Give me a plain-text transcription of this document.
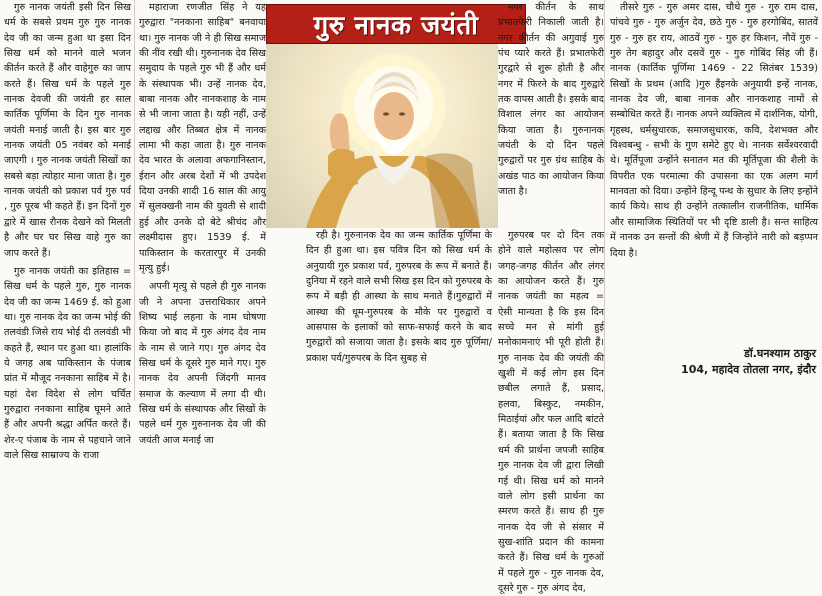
गुरु नानक जयंती इसी दिन सिख धर्म के सबसे प्रथम गुरु गुरु नानक देव जी का जन्म हुआ था इसा दिन सिख धर्म को मानने वाले भजन कीर्तन करते हैं और वाहेगुरु का जाप करते हैं। सिख धर्म के पहले गुरु नानक देवजी की जयंती हर साल कार्तिक पूर्णिमा के दिन गुरु नानक जयंती मनाई जाती है। इस बार गुरु नानक जयंती 05 नवंबर को मनाई जाएगी । गुरु नानक जयंती सिखों का सबसे बड़ा त्योहार माना जाता है। गुरु नानक जयंती को प्रकाश पर्व गुरु पर्व , गुरु पूरब भी कहते हैं। इन दिनों गुरु द्वारे में खास रौनक देखने को मिलती है और घर घर सिख वाहे गुरु का जाप करते हैं।

गुरु नानक जयंती का इतिहास = सिख धर्म के पहले गुरु, गुरु नानक देव जी का जन्म 1469 ई. को हुआ था। गुरु नानक देव का जन्म भोई की तलवंडी जिसे राय भोई दी तलवंडी भी कहते हैं, स्थान पर हुआ था। हालांकि ये जगह अब पाकिस्तान के पंजाब प्रांत में मौजूद ननकाना साहिब में है। यहां देश विदेश से लोग चर्चित गुरुद्वारा ननकाना साहिब घूमने आते हैं और अपनी श्रद्धा अर्पित करते हैं। शेर-ए पंजाब के नाम से पहचाने जाने वाले सिख साम्राज्य के राजा

महाराजा रणजीत सिंह ने यह गुरुद्वारा "ननकाना साहिब" बनवाया था। गुरु नानक जी ने ही सिख समाज की नींव रखी थी। गुरुनानक देव सिख समुदाय के पहले गुरु भी हैं और धर्म के संस्थापक भी। उन्हें नानक देव, बाबा नानक और नानकशाह के नाम से भी जाना जाता है। यही नहीं, उन्हें लद्दाख और तिब्बत क्षेत्र में नानक लामा भी कहा जाता है। गुरु नानक देव भारत के अलावा अफगानिस्तान, ईरान और अरब देशों में भी उपदेश दिया उनकी शादी 16 साल की आयु में सुलक्खनी नाम की युवती से शादी हुई और उनके दो बेटे श्रीचंद और लक्ष्मीदास हुए। 1539 ई. में पाकिस्तान के करतारपुर में उनकी मृत्यु हुई।

अपनी मृत्यु से पहले ही गुरु नानक जी ने अपना उत्तराधिकार अपने शिष्य भाई लहना के नाम घोषणा किया जो बाद में गुरु अंगद देव नाम के नाम से जाने गए। गुरु अंगद देव सिख धर्म के दूसरे गुरु माने गए। गुरु नानक देव अपनी जिंदगी मानव समाज के कल्याण में लगा दी थी। सिख धर्म के संस्थापक और सिखों के पहले धर्म गुरु गुरुनानक देव जी की जयंती आज मनाई जा

गुरु नानक जयंती

रही है। गुरुनानक देव का जन्म कार्तिक पूर्णिमा के दिन ही हुआ था। इस पवित्र दिन को सिख धर्म के अनुयायी गुरु प्रकाश पर्व, गुरुपरब के रूप में बनाते हैं। दुनिया में रहने वाले सभी सिख इस दिन को गुरुपरब के रूप में बड़ी ही आस्था के साथ मनाते हैं।गुरुद्वारों में आस्था की धूम-गुरुपरब के मौके पर गुरुद्वारों व आसपास के इलाकों को साफ-सफाई करने के बाद गुरुद्वारों को सजाया जाता है। इसके बाद गुरु पूर्णिमा/प्रकाश पर्व/गुरुपरब के दिन सुबह से

नगर कीर्तन के साथ प्रभातफेरी निकाली जाती है। नगर कीर्तन की अगुवाई गुरु पंच प्यारे करते हैं। प्रभातफेरी गुरद्वारे से शुरू होती है और नगर में फिरने के बाद गुरुद्वारे तक वापस आती है। इसके बाद विशाल लंगर का आयोजन किया जाता है। गुरुनानक जयंती के दो दिन पहले गुरुद्वारों पर गुरु ग्रंथ साहिब के अखंड पाठ का आयोजन किया जाता है।

गुरुपरब पर दो दिन तक होने वाले महोत्सव पर लोग जगह-जगह कीर्तन और लंगर का आयोजन करते हैं। गुरु नानक जयंती का महत्व = ऐसी मान्यता है कि इस दिन सच्चे मन से मांगी हुई मनोकामनाएं भी पूरी होती हैं। गुरु नानक देव की जयंती की खुशी में कई लोग इस दिन छबील लगाते हैं, प्रसाद, हलवा, बिस्कुट, नमकीन, मिठाईयां और फल आदि बांटते हैं। बताया जाता है कि सिख धर्म की प्रार्थना जपजी साहिब गुरु नानक देव जी द्वारा लिखी गई थी। सिख धर्म को मानने वाले लोग इसी प्रार्थना का स्मरण करते हैं। साथ ही गुरु नानक देव जी से संसार में सुख-शांति प्रदान की कामना करते हैं। सिख धर्म के गुरुओं में पहले गुरु - गुरु नानक देव, दूसरे गुरु - गुरु अंगद देव,

तीसरे गुरु - गुरु अमर दास, चौथे गुरु - गुरु राम दास, पांचवे गुरु - गुरु अर्जुन देव, छठे गुरु - गुरु हरगोबिंद, सातवें गुरु - गुरु हर राय, आठवें गुरु - गुरु हर किशन, नौवें गुरु - गुरु तेग बहादुर और दसवें गुरु - गुरु गोबिंद सिंह जी हैं। नानक (कार्तिक पूर्णिमा 1469 - 22 सितंबर 1539) सिखों के प्रथम (आदि )गुरु हैंइनके अनुयायी इन्हें नानक, नानक देव जी, बाबा नानक और नानकशाह नामों से सम्बोधित करते हैं। नानक अपने व्यक्तित्व में दार्शनिक, योगी, गृहस्थ, धर्मसुधारक, समाजसुधारक, कवि, देशभक्त और विश्वबन्धु - सभी के गुण समेटे हुए थे। नानक सर्वेश्वरवादी थे। मूर्तिपूजा उन्होंने सनातन मत की मूर्तिपूजा की शैली के विपरीत एक परमात्मा की उपासना का एक अलग मार्ग मानवता को दिया। उन्होंने हिन्दू पन्थ के सुधार के लिए इन्होंने कार्य किये। साथ ही उन्होंने तत्कालीन राजनीतिक, धार्मिक और सामाजिक स्थितियों पर भी दृष्टि डाली है। सन्त साहित्य में नानक उन सन्तों की श्रेणी में हैं जिन्होंने नारी को बड़प्पन दिया है।

डॉ.घनश्याम ठाकुर
104, महादेव तोतला नगर, इंदौर
